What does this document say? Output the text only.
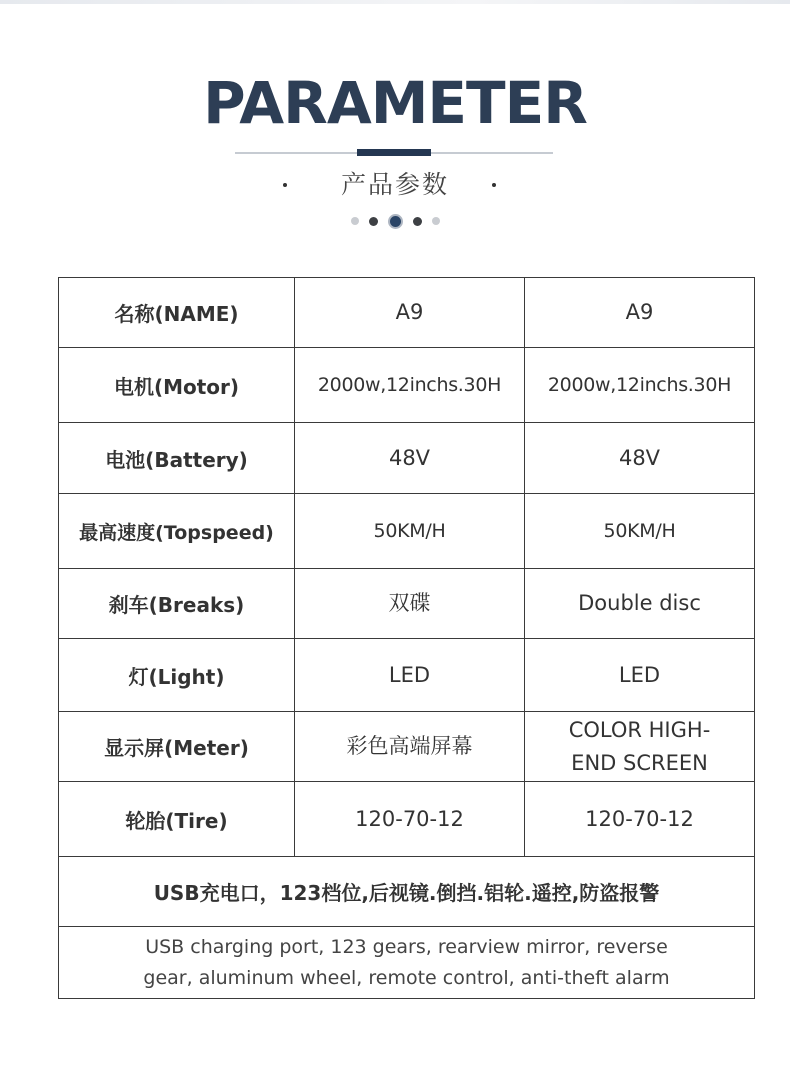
PARAMETER
产品参数
名称(NAME)	A9	A9
电机(Motor)	2000w,12inchs.30H	2000w,12inchs.30H
电池(Battery)	48V	48V
最高速度(Topspeed)	50KM/H	50KM/H
刹车(Breaks)	双碟	Double disc
灯(Light)	LED	LED
显示屏(Meter)	彩色高端屏幕	COLOR HIGH-END SCREEN
轮胎(Tire)	120-70-12	120-70-12
USB充电口，123档位,后视镜.倒挡.铝轮.遥控,防盗报警		
USB charging port, 123 gears, rearview mirror, reverse gear, aluminum wheel, remote control, anti-theft alarm		
